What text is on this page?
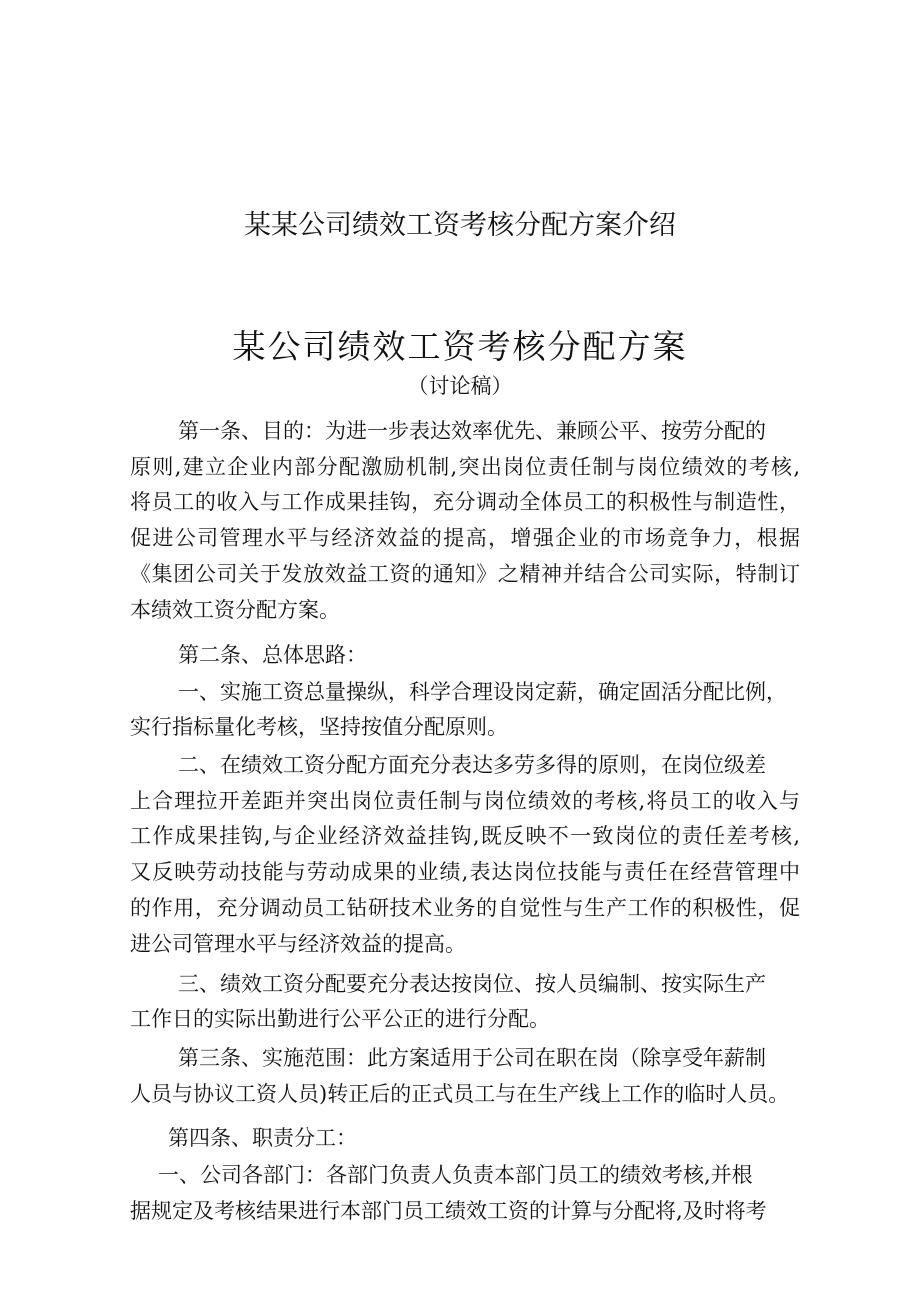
某某公司绩效工资考核分配方案介绍
某公司绩效工资考核分配方案
（讨论稿）
第一条、目的：为进一步表达效率优先、兼顾公平、按劳分配的
原则,建立企业内部分配激励机制,突出岗位责任制与岗位绩效的考核,
将员工的收入与工作成果挂钩，充分调动全体员工的积极性与制造性，
促进公司管理水平与经济效益的提高，增强企业的市场竞争力，根据
《集团公司关于发放效益工资的通知》之精神并结合公司实际，特制订
本绩效工资分配方案。
第二条、总体思路：
一、实施工资总量操纵，科学合理设岗定薪，确定固活分配比例，
实行指标量化考核，坚持按值分配原则。
二、在绩效工资分配方面充分表达多劳多得的原则，在岗位级差
上合理拉开差距并突出岗位责任制与岗位绩效的考核,将员工的收入与
工作成果挂钩,与企业经济效益挂钩,既反映不一致岗位的责任差考核,
又反映劳动技能与劳动成果的业绩,表达岗位技能与责任在经营管理中
的作用，充分调动员工钻研技术业务的自觉性与生产工作的积极性，促
进公司管理水平与经济效益的提高。
三、绩效工资分配要充分表达按岗位、按人员编制、按实际生产
工作日的实际出勤进行公平公正的进行分配。
第三条、实施范围：此方案适用于公司在职在岗（除享受年薪制
人员与协议工资人员)转正后的正式员工与在生产线上工作的临时人员。
第四条、职责分工：
一、公司各部门：各部门负责人负责本部门员工的绩效考核,并根
据规定及考核结果进行本部门员工绩效工资的计算与分配将,及时将考
